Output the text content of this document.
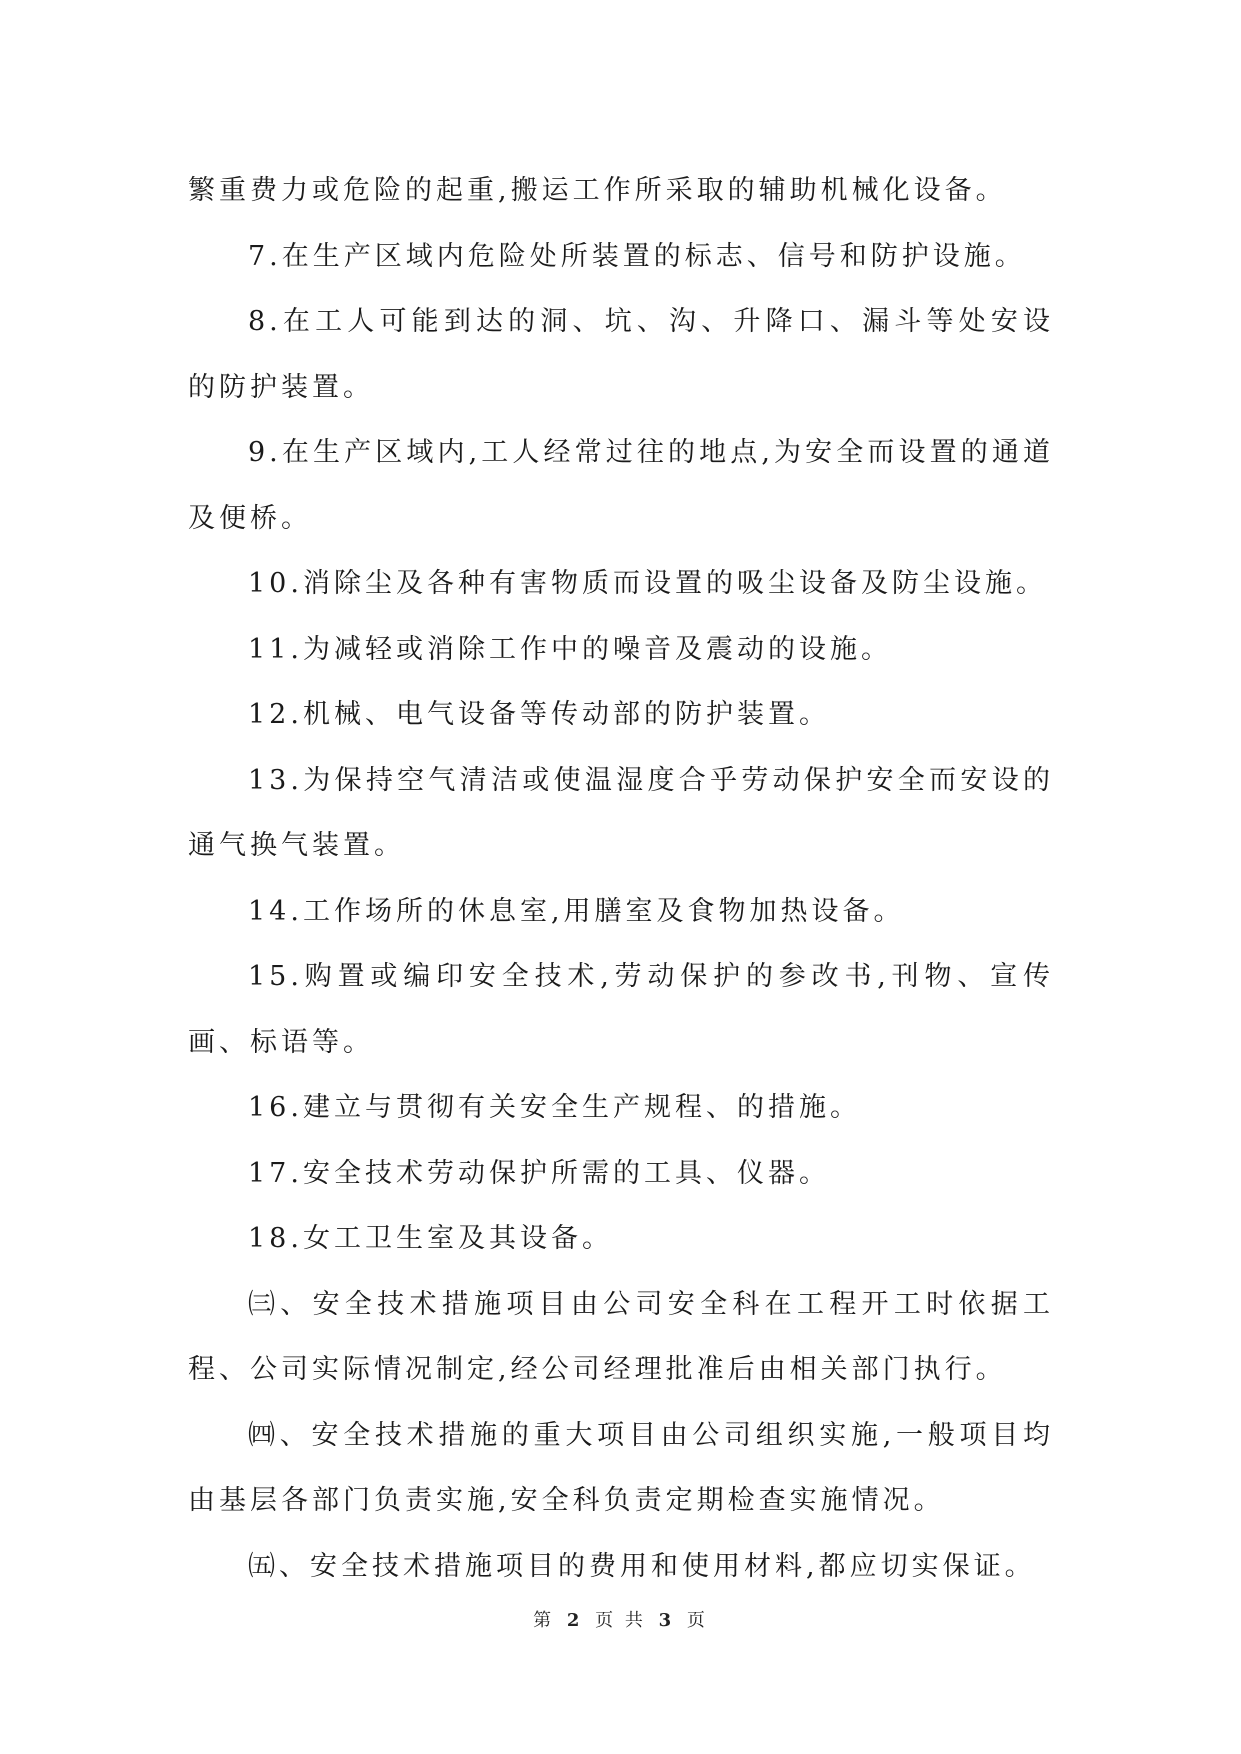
繁重费力或危险的起重,搬运工作所采取的辅助机械化设备。

7.在生产区域内危险处所装置的标志、信号和防护设施。

8.在工人可能到达的洞、坑、沟、升降口、漏斗等处安设的防护装置。

9.在生产区域内,工人经常过往的地点,为安全而设置的通道及便桥。

10.消除尘及各种有害物质而设置的吸尘设备及防尘设施。

11.为减轻或消除工作中的噪音及震动的设施。

12.机械、电气设备等传动部的防护装置。

13.为保持空气清洁或使温湿度合乎劳动保护安全而安设的通气换气装置。

14.工作场所的休息室,用膳室及食物加热设备。

15.购置或编印安全技术,劳动保护的参改书,刊物、宣传画、标语等。

16.建立与贯彻有关安全生产规程、的措施。

17.安全技术劳动保护所需的工具、仪器。

18.女工卫生室及其设备。

㈢、安全技术措施项目由公司安全科在工程开工时依据工程、公司实际情况制定,经公司经理批准后由相关部门执行。

㈣、安全技术措施的重大项目由公司组织实施,一般项目均由基层各部门负责实施,安全科负责定期检查实施情况。

㈤、安全技术措施项目的费用和使用材料,都应切实保证。

第 2 页 共 3 页
